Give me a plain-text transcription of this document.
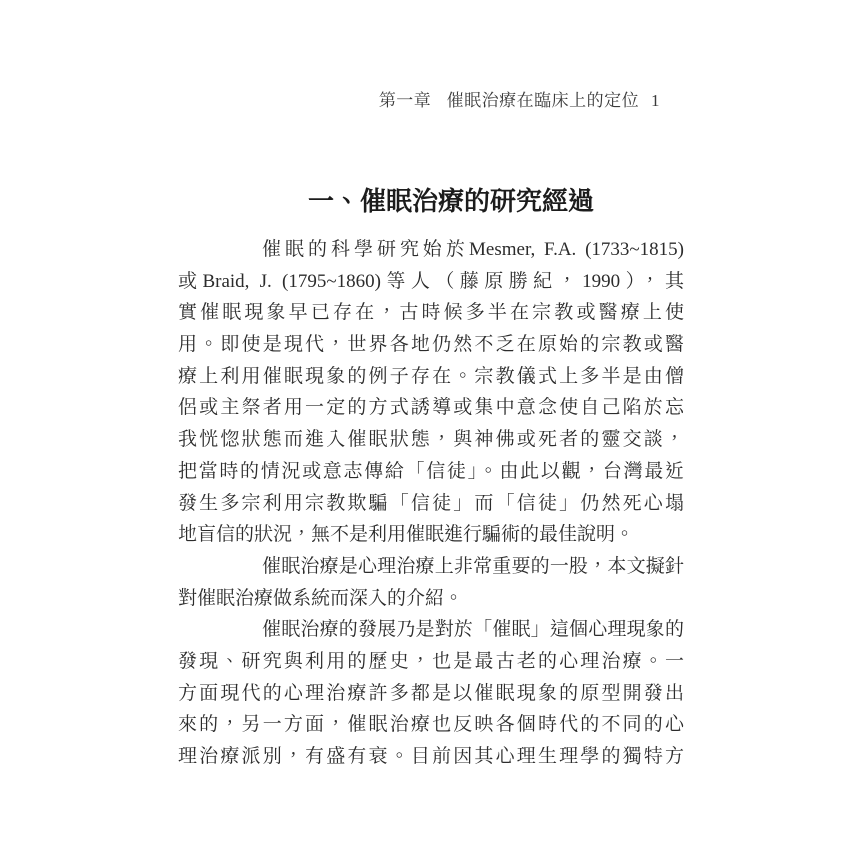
第一章 催眠治療在臨床上的定位 1
一、催眠治療的研究經過
催眠的科學研究始於Mesmer, F.A. (1733~1815)
或Braid, J. (1795~1860)等人（藤原勝紀，1990），其
實催眠現象早已存在，古時候多半在宗教或醫療上使
用。即使是現代，世界各地仍然不乏在原始的宗教或醫
療上利用催眠現象的例子存在。宗教儀式上多半是由僧
侶或主祭者用一定的方式誘導或集中意念使自己陷於忘
我恍惚狀態而進入催眠狀態，與神佛或死者的靈交談，
把當時的情況或意志傳給「信徒」。由此以觀，台灣最近
發生多宗利用宗教欺騙「信徒」而「信徒」仍然死心塌
地盲信的狀況，無不是利用催眠進行騙術的最佳說明。
催眠治療是心理治療上非常重要的一股，本文擬針
對催眠治療做系統而深入的介紹。
催眠治療的發展乃是對於「催眠」這個心理現象的
發現、研究與利用的歷史，也是最古老的心理治療。一
方面現代的心理治療許多都是以催眠現象的原型開發出
來的，另一方面，催眠治療也反映各個時代的不同的心
理治療派別，有盛有衰。目前因其心理生理學的獨特方
